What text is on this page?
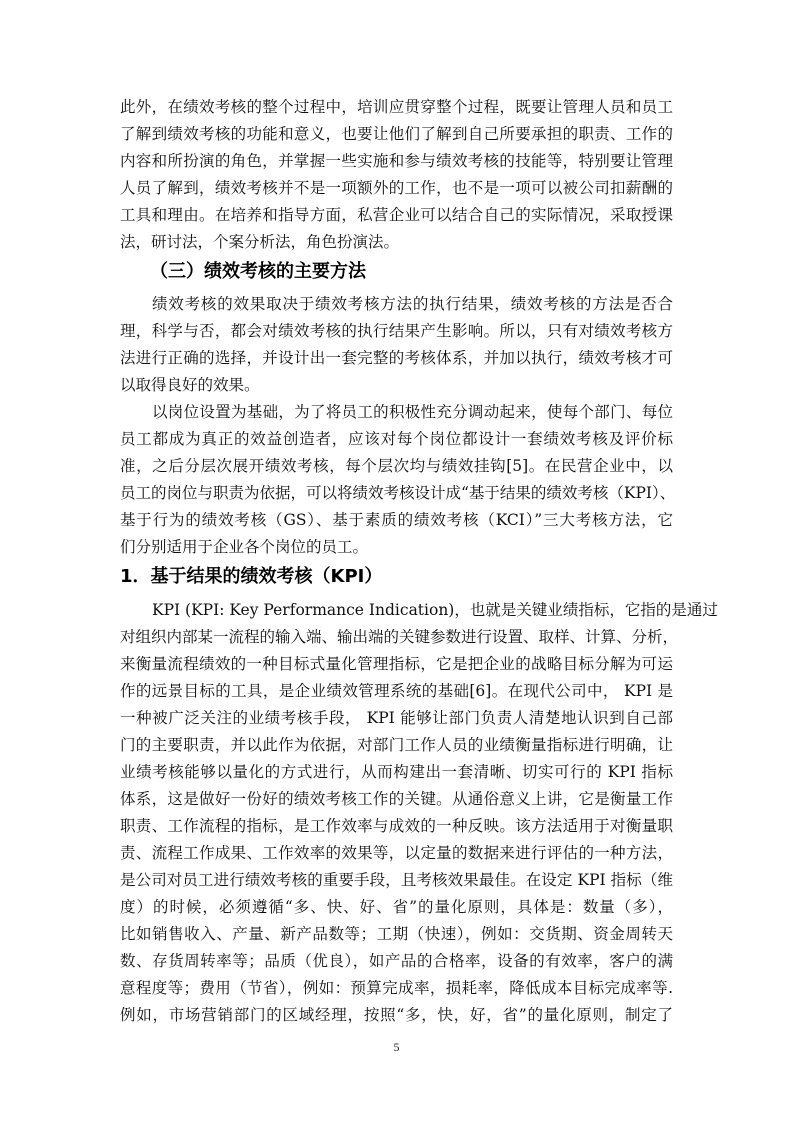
此外，在绩效考核的整个过程中，培训应贯穿整个过程，既要让管理人员和员工
了解到绩效考核的功能和意义，也要让他们了解到自己所要承担的职责、工作的
内容和所扮演的角色，并掌握一些实施和参与绩效考核的技能等，特别要让管理
人员了解到，绩效考核并不是一项额外的工作，也不是一项可以被公司扣薪酬的
工具和理由。在培养和指导方面，私营企业可以结合自己的实际情况，采取授课
法，研讨法，个案分析法，角色扮演法。
（三）绩效考核的主要方法
绩效考核的效果取决于绩效考核方法的执行结果，绩效考核的方法是否合
理，科学与否，都会对绩效考核的执行结果产生影响。所以，只有对绩效考核方
法进行正确的选择，并设计出一套完整的考核体系，并加以执行，绩效考核才可
以取得良好的效果。
以岗位设置为基础，为了将员工的积极性充分调动起来，使每个部门、每位
员工都成为真正的效益创造者，应该对每个岗位都设计一套绩效考核及评价标
准，之后分层次展开绩效考核，每个层次均与绩效挂钩[5]。在民营企业中，以
员工的岗位与职责为依据，可以将绩效考核设计成“基于结果的绩效考核（KPI）、
基于行为的绩效考核（GS）、基于素质的绩效考核（KCI）”三大考核方法，它
们分别适用于企业各个岗位的员工。
1．基于结果的绩效考核（KPI）
KPI (KPI: Key Performance Indication)，也就是关键业绩指标，它指的是通过
对组织内部某一流程的输入端、输出端的关键参数进行设置、取样、计算、分析，
来衡量流程绩效的一种目标式量化管理指标，它是把企业的战略目标分解为可运
作的远景目标的工具，是企业绩效管理系统的基础[6]。在现代公司中， KPI 是
一种被广泛关注的业绩考核手段， KPI 能够让部门负责人清楚地认识到自己部
门的主要职责，并以此作为依据，对部门工作人员的业绩衡量指标进行明确，让
业绩考核能够以量化的方式进行，从而构建出一套清晰、切实可行的 KPI 指标
体系，这是做好一份好的绩效考核工作的关键。从通俗意义上讲，它是衡量工作
职责、工作流程的指标，是工作效率与成效的一种反映。该方法适用于对衡量职
责、流程工作成果、工作效率的效果等，以定量的数据来进行评估的一种方法，
是公司对员工进行绩效考核的重要手段，且考核效果最佳。在设定 KPI 指标（维
度）的时候，必须遵循“多、快、好、省”的量化原则，具体是：数量（多），
比如销售收入、产量、新产品数等；工期（快速），例如：交货期、资金周转天
数、存货周转率等；品质（优良），如产品的合格率，设备的有效率，客户的满
意程度等；费用（节省），例如：预算完成率，损耗率，降低成本目标完成率等.
例如，市场营销部门的区域经理，按照“多，快，好，省”的量化原则，制定了
5
